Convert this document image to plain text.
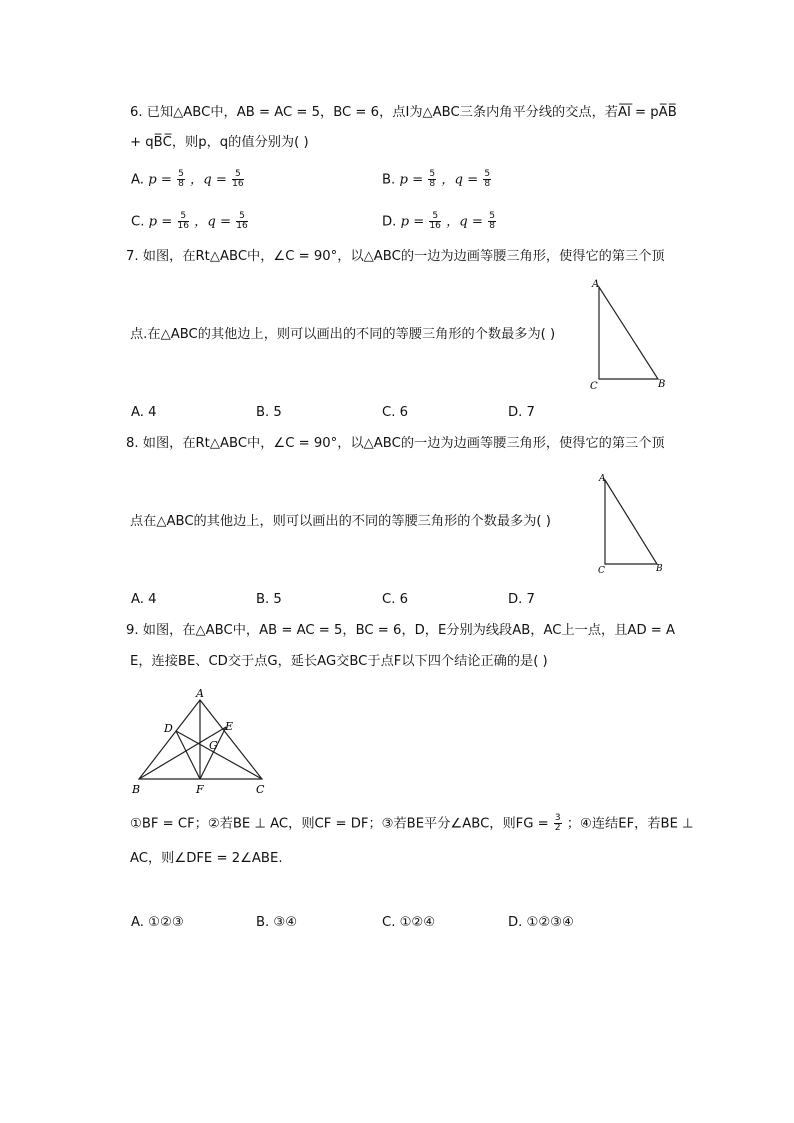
6. 已知△ABC中，AB = AC = 5，BC = 6，点I为△ABC三条内角平分线的交点，若A̅I̅ = pA̅B̅
+ qB̅C̅，则p，q的值分别为( )
A. $p = \frac{5}{8}$ ，$q = \frac{5}{16}$	B. $p = \frac{5}{8}$ ，$q = \frac{5}{8}$
C. $p = \frac{5}{16}$ ，$q = \frac{5}{16}$	D. $p = \frac{5}{16}$ ，$q = \frac{5}{8}$
7. 如图，在Rt△ABC中，∠C = 90°，以△ABC的一边为边画等腰三角形，使得它的第三个顶
点.在△ABC的其他边上，则可以画出的不同的等腰三角形的个数最多为( )
A
C	B
A. 4	B. 5	C. 6	D. 7
8. 如图，在Rt△ABC中，∠C = 90°，以△ABC的一边为边画等腰三角形，使得它的第三个顶
点在△ABC的其他边上，则可以画出的不同的等腰三角形的个数最多为( )
A
C	B
A. 4	B. 5	C. 6	D. 7
9. 如图，在△ABC中，AB = AC = 5，BC = 6，D，E分别为线段AB，AC上一点，且AD = A
E，连接BE、CD交于点G，延长AG交BC于点F以下四个结论正确的是( )
A
D	E
G
B	F	C
①BF = CF；②若BE ⊥ AC，则CF = DF；③若BE平分∠ABC，则FG = $\frac{3}{2}$ ；④连结EF，若BE ⊥
AC，则∠DFE = 2∠ABE.
A. ①②③	B. ③④	C. ①②④	D. ①②③④
